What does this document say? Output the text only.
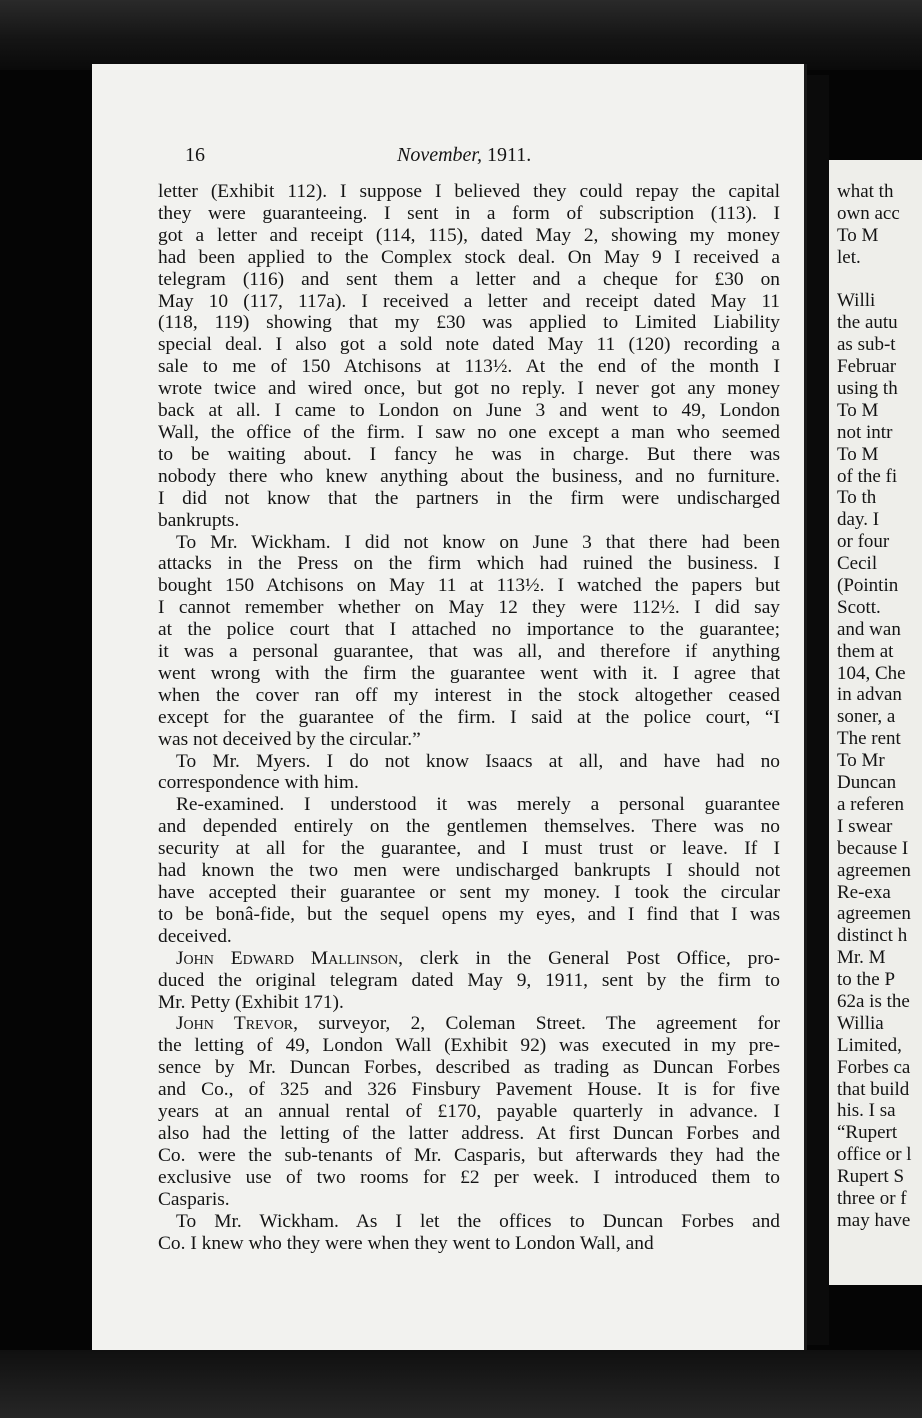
16	November, 1911.
letter (Exhibit 112). I suppose I believed they could repay the capital
they were guaranteeing. I sent in a form of subscription (113). I
got a letter and receipt (114, 115), dated May 2, showing my money
had been applied to the Complex stock deal. On May 9 I received a
telegram (116) and sent them a letter and a cheque for £30 on
May 10 (117, 117a). I received a letter and receipt dated May 11
(118, 119) showing that my £30 was applied to Limited Liability
special deal. I also got a sold note dated May 11 (120) recording a
sale to me of 150 Atchisons at 113½. At the end of the month I
wrote twice and wired once, but got no reply. I never got any money
back at all. I came to London on June 3 and went to 49, London
Wall, the office of the firm. I saw no one except a man who seemed
to be waiting about. I fancy he was in charge. But there was
nobody there who knew anything about the business, and no furniture.
I did not know that the partners in the firm were undischarged
bankrupts.
To Mr. Wickham. I did not know on June 3 that there had been
attacks in the Press on the firm which had ruined the business. I
bought 150 Atchisons on May 11 at 113½. I watched the papers but
I cannot remember whether on May 12 they were 112½. I did say
at the police court that I attached no importance to the guarantee;
it was a personal guarantee, that was all, and therefore if anything
went wrong with the firm the guarantee went with it. I agree that
when the cover ran off my interest in the stock altogether ceased
except for the guarantee of the firm. I said at the police court, “I
was not deceived by the circular.”
To Mr. Myers. I do not know Isaacs at all, and have had no
correspondence with him.
Re-examined. I understood it was merely a personal guarantee
and depended entirely on the gentlemen themselves. There was no
security at all for the guarantee, and I must trust or leave. If I
had known the two men were undischarged bankrupts I should not
have accepted their guarantee or sent my money. I took the circular
to be bonâ-fide, but the sequel opens my eyes, and I find that I was
deceived.
John Edward Mallinson, clerk in the General Post Office, pro-
duced the original telegram dated May 9, 1911, sent by the firm to
Mr. Petty (Exhibit 171).
John Trevor, surveyor, 2, Coleman Street. The agreement for
the letting of 49, London Wall (Exhibit 92) was executed in my pre-
sence by Mr. Duncan Forbes, described as trading as Duncan Forbes
and Co., of 325 and 326 Finsbury Pavement House. It is for five
years at an annual rental of £170, payable quarterly in advance. I
also had the letting of the latter address. At first Duncan Forbes and
Co. were the sub-tenants of Mr. Casparis, but afterwards they had the
exclusive use of two rooms for £2 per week. I introduced them to
Casparis.
To Mr. Wickham. As I let the offices to Duncan Forbes and
Co. I knew who they were when they went to London Wall, and
what th
own acc
To M
let.
Willi
the autu
as sub-t
Februar
using th
To M
not intr
To M
of the fi
To th
day. I
or four
Cecil
(Pointin
Scott.
and wan
them at
104, Che
in advan
soner, a
The rent
To Mr
Duncan
a referen
I swear
because I
agreemen
Re-exa
agreemen
distinct h
Mr. M
to the P
62a is the
Willia
Limited,
Forbes ca
that build
his. I sa
“Rupert
office or l
Rupert S
three or f
may have
